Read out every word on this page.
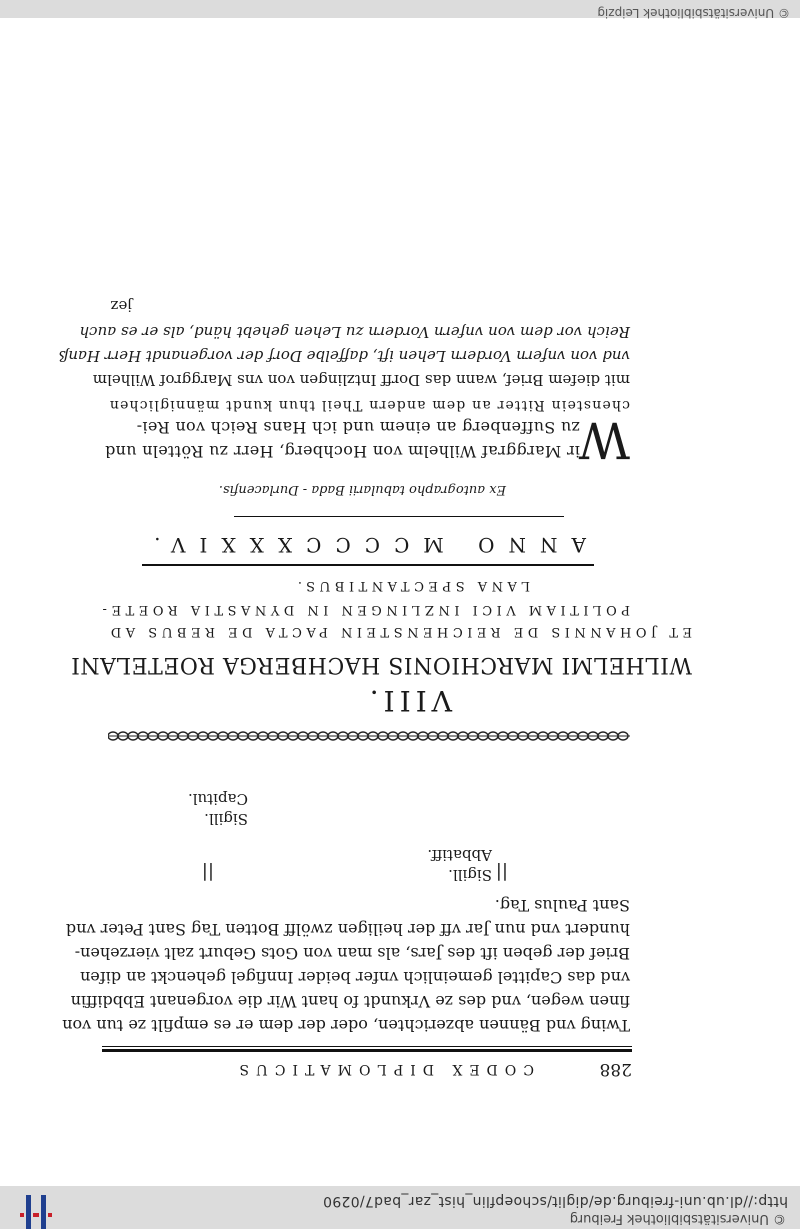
© Universitätsbibliothek Freiburg
http://dl.ub.uni-freiburg.de/diglit/schoepflin_hist_zar_bad7/0290
288
CODEX DIPLOMATICUS
Twing vnd Bännen abzerichten, oder der dem er es empfilt ze tun von
finen wegen, vnd des ze Vrkundt fo hant Wir die vorgenant Ebbdiffin
vnd das Capittel gemeinlich vnfer beider Innfigel gehenckt an difen
Brief der geben ift des Jars, als man von Gots Geburt zalt vierzehen-
hundert vnd nun Jar vff der heiligen zwölff Botten Tag Sant Peter vnd
Sant Paulus Tag.
||
Sigill. Abbatiff.
||
Sigill. Capitul.
VIII.
WILHELMI MARCHIONIS HACHBERGA ROETELANI
ET JOHANNIS DE REICHENSTEIN PACTA DE REBUS AD
POLITIAM VICI INZLINGEN IN DYNASTIA ROETE-
LANA SPECTANTIBUS.
ANNO MCCCCXXXIV.
Ex autographo tabularii Bada - Durlacenfis.
W
ir Marggraf Wilhelm von Hochberg, Herr zu Rötteln und
zu Suffenberg an einem und ich Hans Reich von Rei-
chenstein Ritter an dem andern Theil thun kundt männiglichen
mit diefem Brief, wann das Dorff Intzlingen von vns Marggrof Wilhelm
vnd von vnfern Vordern Lehen ift, daffelbe Dorf der vorgenandt Herr Hanß
Reich vor dem von vnfern Vordern zu Lehen gehebt händ, als er es auch
jez
© Universitätsbibliothek Leipzig
